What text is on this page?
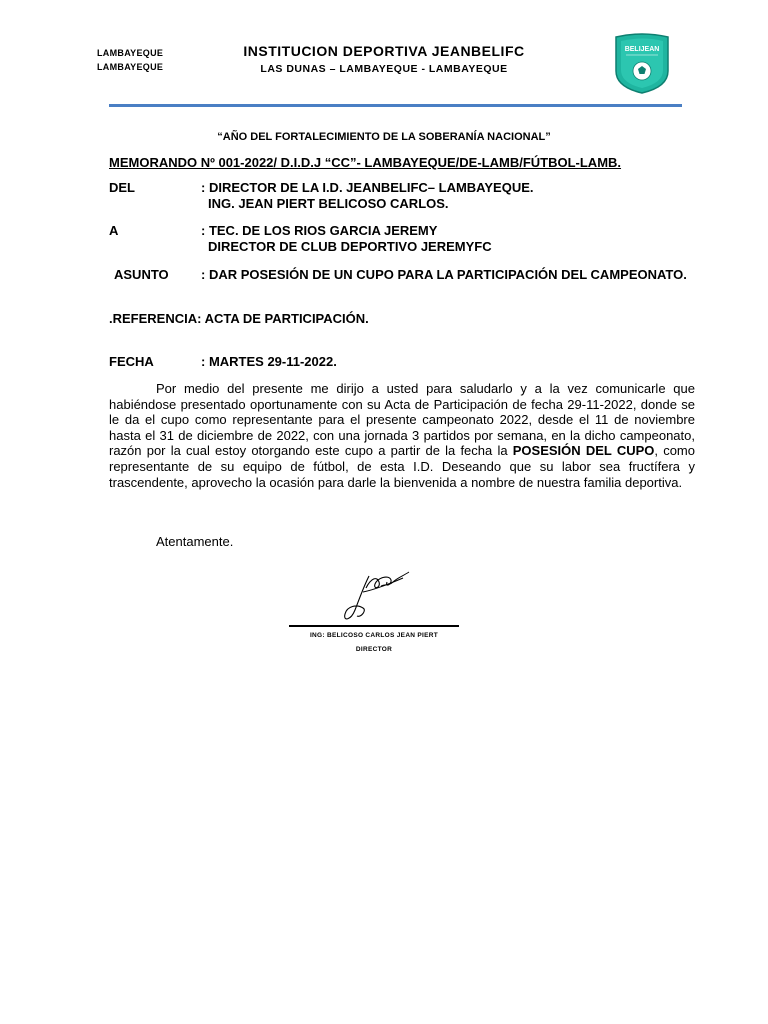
LAMBAYEQUE
LAMBAYEQUE
INSTITUCION DEPORTIVA JEANBELIFC
LAS DUNAS – LAMBAYEQUE - LAMBAYEQUE
BELIJEAN
“AÑO DEL FORTALECIMIENTO DE LA SOBERANÍA NACIONAL”
MEMORANDO Nº 001-2022/ D.I.D.J “CC”- LAMBAYEQUE/DE-LAMB/FÚTBOL-LAMB.
DEL	: DIRECTOR DE LA I.D. JEANBELIFC– LAMBAYEQUE.
ING. JEAN PIERT BELICOSO CARLOS.
A	: TEC. DE LOS RIOS GARCIA JEREMY
DIRECTOR DE CLUB DEPORTIVO JEREMYFC
ASUNTO : DAR POSESIÓN DE UN CUPO PARA LA PARTICIPACIÓN DEL CAMPEONATO.
.REFERENCIA: ACTA DE PARTICIPACIÓN.
FECHA	: MARTES 29-11-2022.

Por medio del presente me dirijo a usted para saludarlo y a la vez comunicarle que habiéndose presentado oportunamente con su Acta de Participación de fecha 29-11-2022, donde se le da el cupo como representante para el presente campeonato 2022, desde el 11 de noviembre hasta el 31 de diciembre de 2022, con una jornada 3 partidos por semana, en la dicho campeonato, razón por la cual estoy otorgando este cupo a partir de la fecha la POSESIÓN DEL CUPO, como representante de su equipo de fútbol, de esta I.D. Deseando que su labor sea fructífera y trascendente, aprovecho la ocasión para darle la bienvenida a nombre de nuestra familia deportiva.

Atentamente.
ING: BELICOSO CARLOS JEAN PIERT
DIRECTOR
